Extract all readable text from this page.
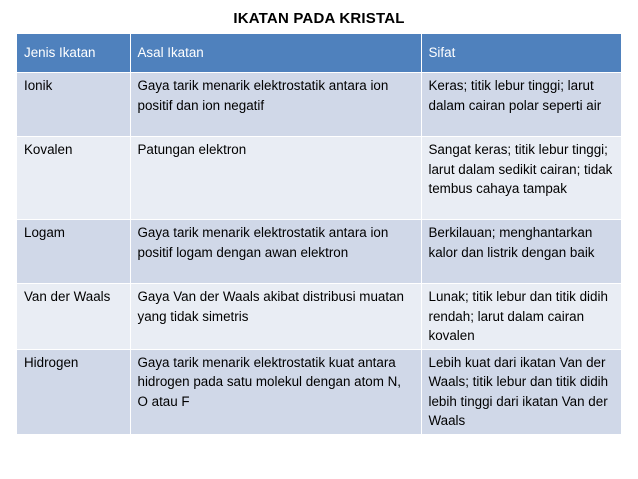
IKATAN PADA KRISTAL
Jenis Ikatan	Asal Ikatan	Sifat
Ionik	Gaya tarik menarik elektrostatik antara ion positif dan ion negatif	Keras; titik lebur tinggi; larut dalam cairan polar seperti air
Kovalen	Patungan elektron	Sangat keras; titik lebur tinggi; larut dalam sedikit cairan; tidak tembus cahaya tampak
Logam	Gaya tarik menarik elektrostatik antara ion positif logam dengan awan elektron	Berkilauan; menghantarkan kalor dan listrik dengan baik
Van der Waals	Gaya Van der Waals akibat distribusi muatan yang tidak simetris	Lunak; titik lebur dan titik didih rendah; larut dalam cairan kovalen
Hidrogen	Gaya tarik menarik elektrostatik kuat antara hidrogen pada satu molekul dengan atom N, O atau F	Lebih kuat dari ikatan Van der Waals; titik lebur dan titik didih lebih tinggi dari ikatan Van der Waals
